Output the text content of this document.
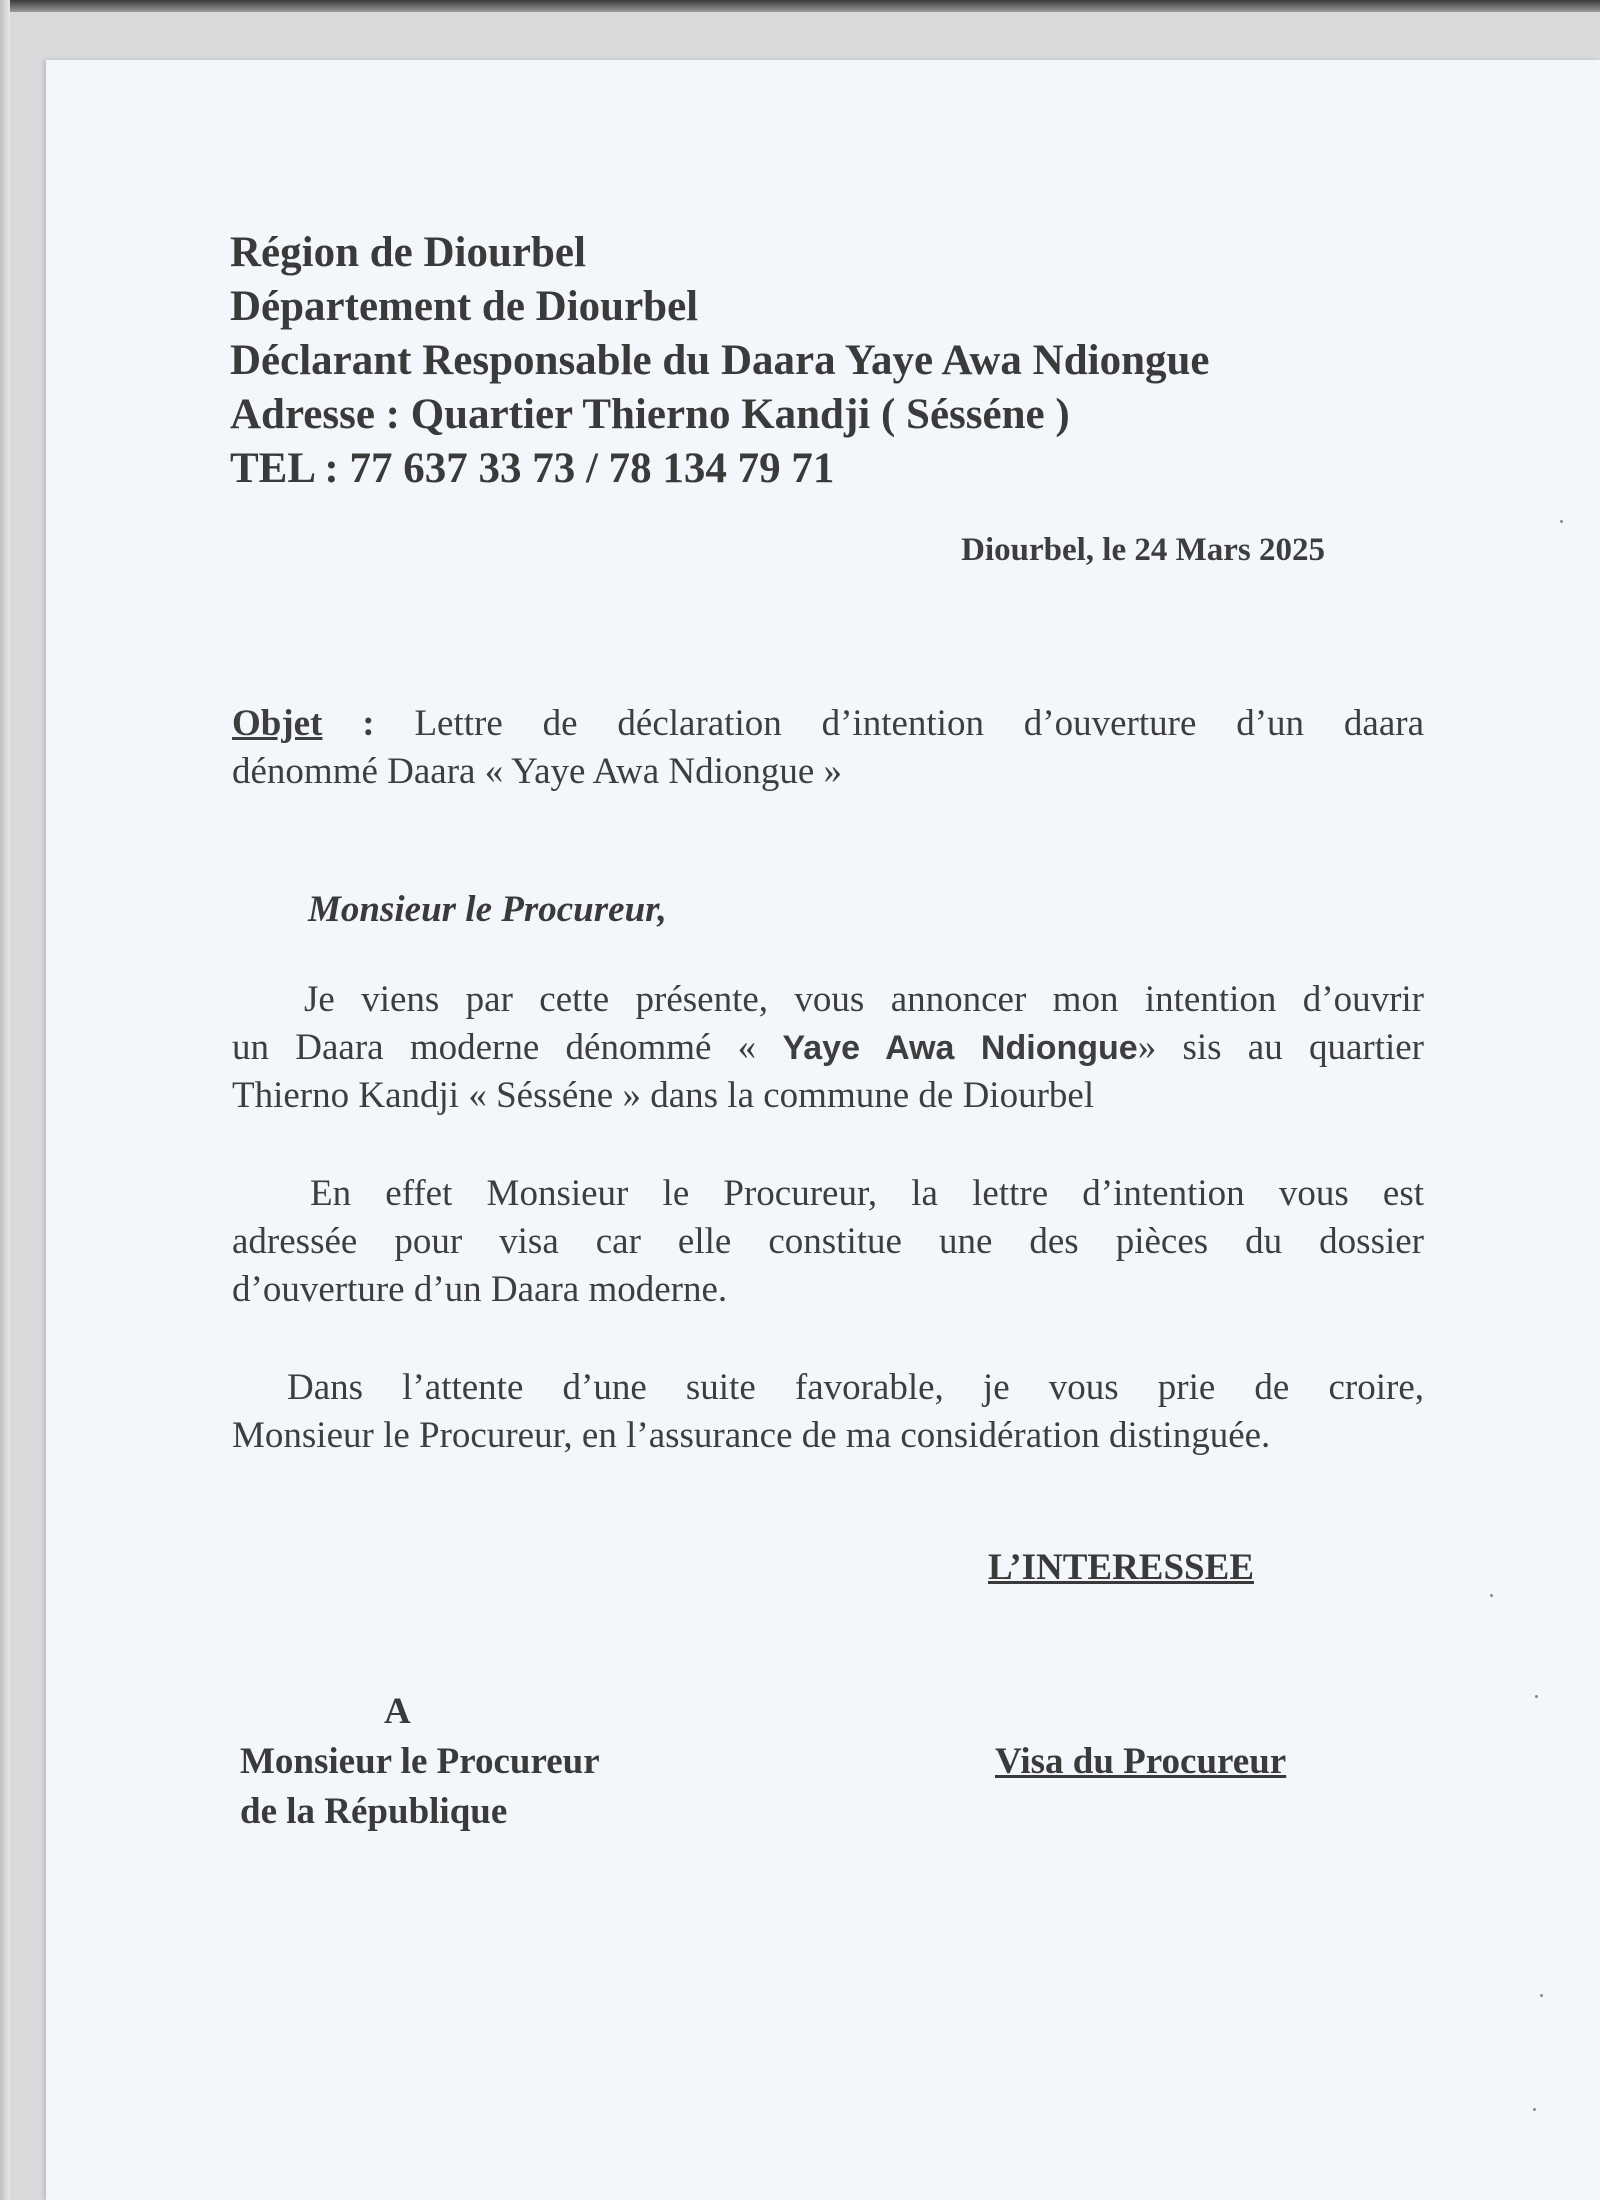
Région de Diourbel
Département de Diourbel
Déclarant Responsable du Daara Yaye Awa Ndiongue
Adresse : Quartier Thierno Kandji ( Sésséne )
TEL : 77 637 33 73 / 78 134 79 71
Diourbel, le 24 Mars 2025
Objet : Lettre de déclaration d’intention d’ouverture d’un daara
dénommé Daara « Yaye Awa Ndiongue »
Monsieur le Procureur,
Je viens par cette présente, vous annoncer mon intention d’ouvrir
un Daara moderne dénommé « Yaye Awa Ndiongue» sis au quartier
Thierno Kandji « Sésséne » dans la commune de Diourbel
En effet Monsieur le Procureur, la lettre d’intention vous est
adressée pour visa car elle constitue une des pièces du dossier
d’ouverture d’un Daara moderne.
Dans l’attente d’une suite favorable, je vous prie de croire,
Monsieur le Procureur, en l’assurance de ma considération distinguée.
L’INTERESSEE
A
Monsieur le Procureur
de la République
Visa du Procureur
